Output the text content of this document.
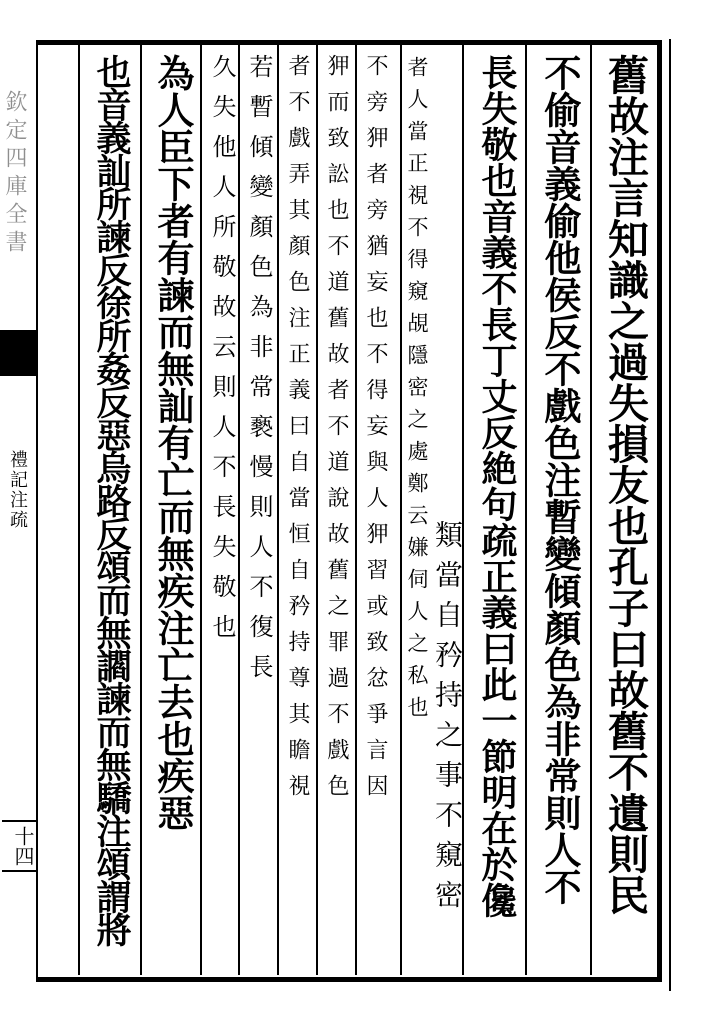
欽定四庫全書
禮記注疏
十四	舊故注言知識之過失損友也孔子曰故舊不遺則民
不偷音義偷他侯反不戲色注暫變傾顏色為非常則人不
長失敬也音義不長丁丈反絶句疏正義曰此一節明在於儳
者人當正視不得窺覘隱密之處鄭云嫌伺人之私也 類當自矜持之事不窺密
不旁狎者旁猶妄也不得妄與人狎習或致忿爭言因
狎而致訟也不道舊故者不道說故舊之罪過不戲色
者不戲弄其顏色注正義曰自當恒自矜持尊其瞻視
若暫傾變顏色為非常褻慢則人不復長
久失他人所敬故云則人不長失敬也
為人臣下者有諫而無訕有亡而無疾注亡去也疾惡
也音義訕所諫反徐所姦反惡烏路反頌而無讇諫而無驕注頌謂將
